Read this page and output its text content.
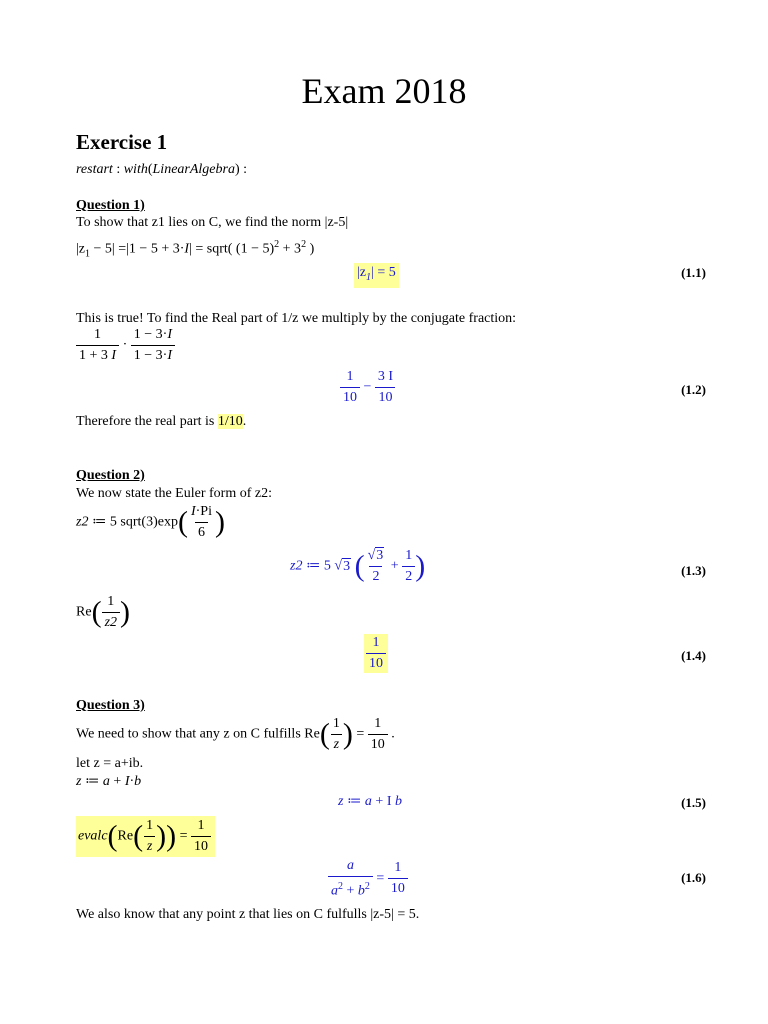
Exam 2018
Exercise 1
restart : with(LinearAlgebra) :
Question 1)
To show that z1 lies on C, we find the norm |z-5|
$|z_1 - 5| =|1 - 5 + 3\cdot I|$ = sqrt( $(1 - 5)^2 + 3^2$ )
$|z_1| = 5$	(1.1)
This is true! To find the Real part of 1/z we multiply by the conjugate fraction:
$\frac{1}{1 + 3 I} \cdot \frac{1 - 3\cdot I}{1 - 3\cdot I}$
$\frac{1}{10} - \frac{3 I}{10}$	(1.2)
Therefore the real part is 1/10.
Question 2)
We now state the Euler form of z2:
z2 ≔ 5 sqrt(3)exp( $\frac{I\cdot Pi}{6}$ )
z2 ≔ 5 √3 ( $\frac{√3}{2} + \frac{1}{2}$ )	(1.3)
$Re( \frac{1}{z2}$ )
$\frac{1}{10}$	(1.4)
Question 3)
We need to show that any z on C fulfills $Re( \frac{1}{z}$ ) = $\frac{1}{10}$ .
let z = a+ib.
z ≔ a + I·b
z ≔ a + I b	(1.5)
evalc(Re( $\frac{1}{z}$ )) = $\frac{1}{10}$
$\frac{a}{a^2 + b^2} = \frac{1}{10}$	(1.6)
We also know that any point z that lies on C fulfulls |z-5| = 5.
